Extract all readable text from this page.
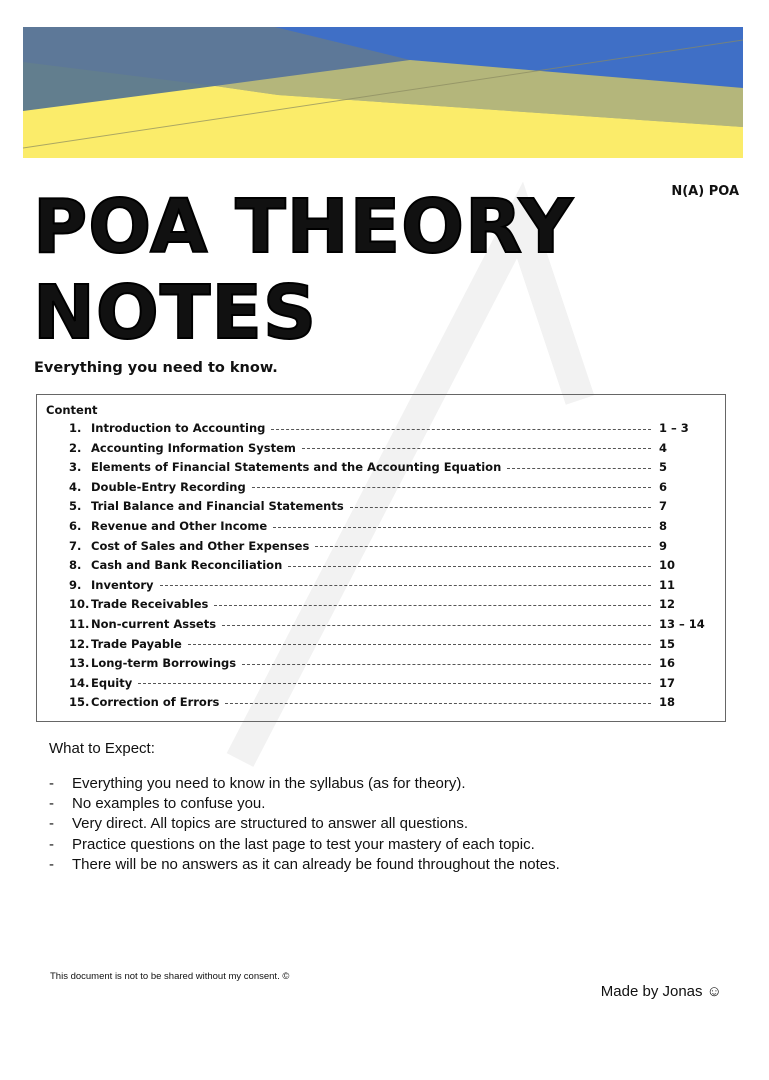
N(A) POA
POA THEORY
NOTES
Everything you need to know.
Content
1. Introduction to Accounting	1 – 3
2. Accounting Information System	4
3. Elements of Financial Statements and the Accounting Equation	5
4. Double-Entry Recording	6
5. Trial Balance and Financial Statements	7
6. Revenue and Other Income	8
7. Cost of Sales and Other Expenses	9
8. Cash and Bank Reconciliation	10
9. Inventory	11
10. Trade Receivables	12
11. Non-current Assets	13 – 14
12. Trade Payable	15
13. Long-term Borrowings	16
14. Equity	17
15. Correction of Errors	18
What to Expect:
- Everything you need to know in the syllabus (as for theory).
- No examples to confuse you.
- Very direct. All topics are structured to answer all questions.
- Practice questions on the last page to test your mastery of each topic.
- There will be no answers as it can already be found throughout the notes.
This document is not to be shared without my consent. ©
Made by Jonas ☺
